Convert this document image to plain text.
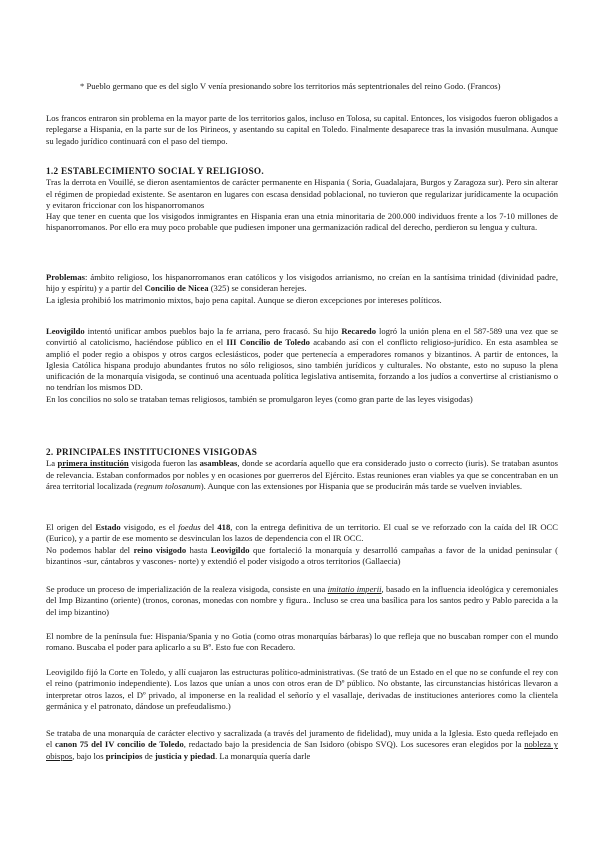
* Pueblo germano que es del siglo V venía presionando sobre los territorios más septentrionales del reino Godo. (Francos)

Los francos entraron sin problema en la mayor parte de los territorios galos, incluso en Tolosa, su capital. Entonces, los visigodos fueron obligados a replegarse a Hispania, en la parte sur de los Pirineos, y asentando su capital en Toledo. Finalmente desaparece tras la invasión musulmana. Aunque su legado jurídico continuará con el paso del tiempo.

1.2 ESTABLECIMIENTO SOCIAL Y RELIGIOSO.

Tras la derrota en Vouillé, se dieron asentamientos de carácter permanente en Hispania ( Soria, Guadalajara, Burgos y Zaragoza sur). Pero sin alterar el régimen de propiedad existente. Se asentaron en lugares con escasa densidad poblacional, no tuvieron que regularizar jurídicamente la ocupación y evitaron friccionar con los hispanorromanos

Hay que tener en cuenta que los visigodos inmigrantes en Hispania eran una etnia minoritaria de 200.000 individuos frente a los 7-10 millones de hispanorromanos. Por ello era muy poco probable que pudiesen imponer una germanización radical del derecho, perdieron su lengua y cultura.

Problemas: ámbito religioso, los hispanorromanos eran católicos y los visigodos arrianismo, no creían en la santísima trinidad (divinidad padre, hijo y espíritu) y a partir del Concilio de Nicea (325) se consideran herejes.

La iglesia prohibió los matrimonio mixtos, bajo pena capital. Aunque se dieron excepciones por intereses políticos.

Leovigildo intentó unificar ambos pueblos bajo la fe arriana, pero fracasó. Su hijo Recaredo logró la unión plena en el 587-589 una vez que se convirtió al catolicismo, haciéndose público en el III Concilio de Toledo acabando así con el conflicto religioso-jurídico. En esta asamblea se amplió el poder regio a obispos y otros cargos eclesiásticos, poder que pertenecía a emperadores romanos y bizantinos. A partir de entonces, la Iglesia Católica hispana produjo abundantes frutos no sólo religiosos, sino también jurídicos y culturales. No obstante, esto no supuso la plena unificación de la monarquía visigoda, se continuó una acentuada política legislativa antisemita, forzando a los judíos a convertirse al cristianismo o no tendrían los mismos DD.

En los concilios no solo se trataban temas religiosos, también se promulgaron leyes (como gran parte de las leyes visigodas)

2. PRINCIPALES INSTITUCIONES VISIGODAS

La primera institución visigoda fueron las asambleas, donde se acordaría aquello que era considerado justo o correcto (iuris). Se trataban asuntos de relevancia. Estaban conformados por nobles y en ocasiones por guerreros del Ejército. Estas reuniones eran viables ya que se concentraban en un área territorial localizada (regnum tolosanum). Aunque con las extensiones por Hispania que se producirán más tarde se vuelven inviables.

El origen del Estado visigodo, es el foedus del 418, con la entrega definitiva de un territorio. El cual se ve reforzado con la caída del IR OCC (Eurico), y a partir de ese momento se desvinculan los lazos de dependencia con el IR OCC.

No podemos hablar del reino visigodo hasta Leovigildo que fortaleció la monarquía y desarrolló campañas a favor de la unidad peninsular ( bizantinos -sur, cántabros y vascones- norte) y extendió el poder visigodo a otros territorios (Gallaecia)

Se produce un proceso de imperialización de la realeza visigoda, consiste en una imitatio imperii, basado en la influencia ideológica y ceremoniales del Imp Bizantino (oriente) (tronos, coronas, monedas con nombre y figura.. Incluso se crea una basílica para los santos pedro y Pablo parecida a la del imp bizantino)

El nombre de la península fue: Hispania/Spania y no Gotia (como otras monarquías bárbaras) lo que refleja que no buscaban romper con el mundo romano. Buscaba el poder para aplicarlo a su Bº. Esto fue con Recadero.

Leovigildo fijó la Corte en Toledo, y allí cuajaron las estructuras político-administrativas. (Se trató de un Estado en el que no se confunde el rey con el reino (patrimonio independiente). Los lazos que unían a unos con otros eran de Dº público. No obstante, las circunstancias históricas llevaron a interpretar otros lazos, el Dº privado, al imponerse en la realidad el señorío y el vasallaje, derivadas de instituciones anteriores como la clientela germánica y el patronato, dándose un prefeudalismo.)

Se trataba de una monarquía de carácter electivo y sacralizada (a través del juramento de fidelidad), muy unida a la Iglesia. Esto queda reflejado en el canon 75 del IV concilio de Toledo, redactado bajo la presidencia de San Isidoro (obispo SVQ). Los sucesores eran elegidos por la nobleza y obispos, bajo los principios de justicia y piedad. La monarquía quería darle
